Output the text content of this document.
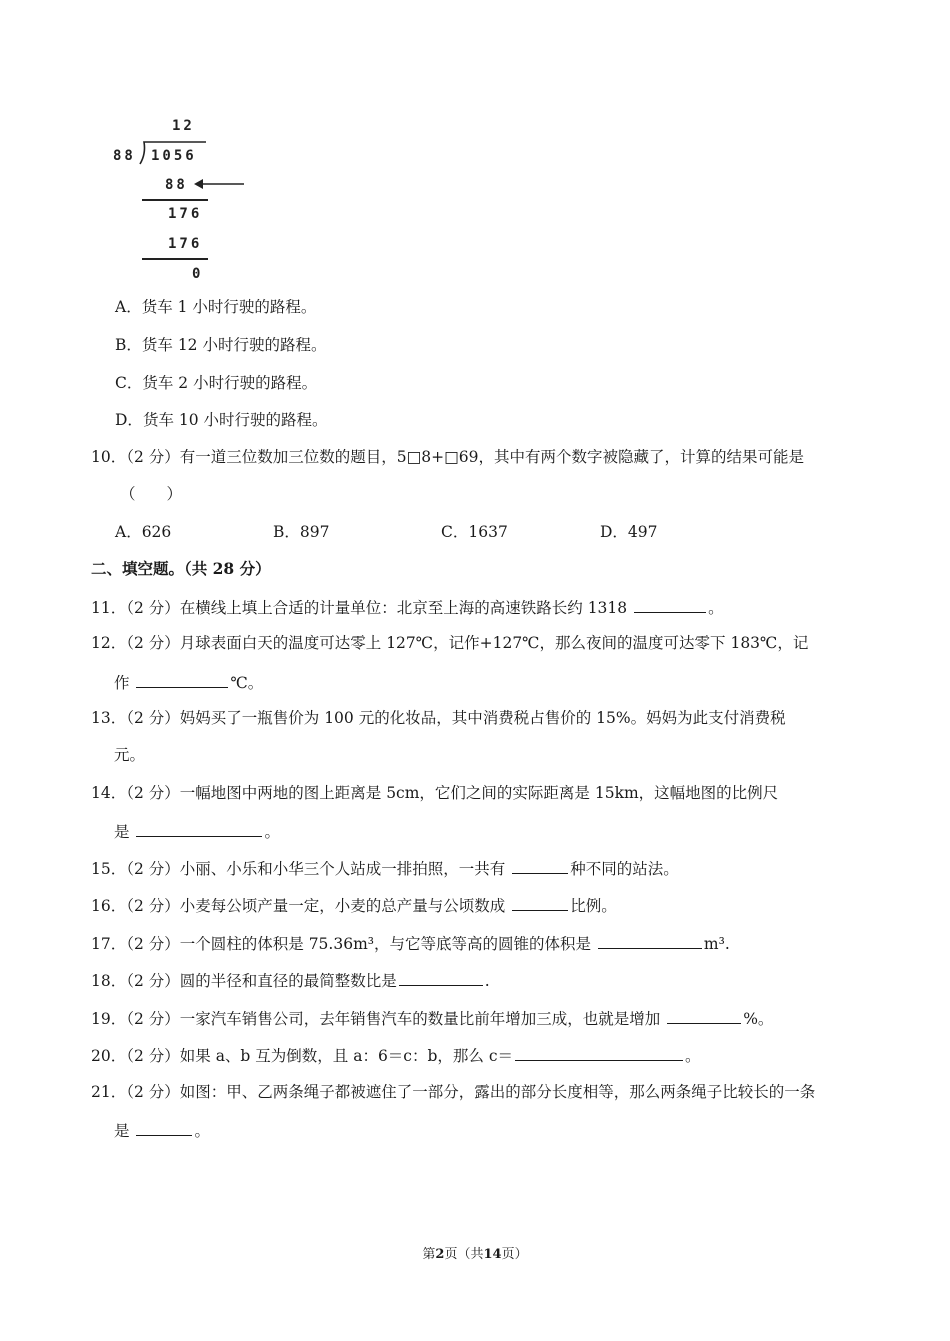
12
88 1056
88
176
176
0
A．货车 1 小时行驶的路程。
B．货车 12 小时行驶的路程。
C．货车 2 小时行驶的路程。
D．货车 10 小时行驶的路程。
10．（2 分）有一道三位数加三位数的题目，5□8+□69，其中有两个数字被隐藏了，计算的结果可能是
（　　）
A．626	B．897	C．1637	D．497
二、填空题。（共 28 分）
11．（2 分）在横线上填上合适的计量单位：北京至上海的高速铁路长约 1318	。
12．（2 分）月球表面白天的温度可达零上 127℃，记作+127℃，那么夜间的温度可达零下 183℃，记
作	℃。
13．（2 分）妈妈买了一瓶售价为 100 元的化妆品，其中消费税占售价的 15%。妈妈为此支付消费税
元。
14．（2 分）一幅地图中两地的图上距离是 5cm，它们之间的实际距离是 15km，这幅地图的比例尺
是	。
15．（2 分）小丽、小乐和小华三个人站成一排拍照，一共有	种不同的站法。
16．（2 分）小麦每公顷产量一定，小麦的总产量与公顷数成	比例。
17．（2 分）一个圆柱的体积是 75.36m³，与它等底等高的圆锥的体积是	m³.
18．（2 分）圆的半径和直径的最简整数比是	.
19．（2 分）一家汽车销售公司，去年销售汽车的数量比前年增加三成，也就是增加	%。
20．（2 分）如果 a、b 互为倒数，且 a：6＝c：b，那么 c＝	。
21．（2 分）如图：甲、乙两条绳子都被遮住了一部分，露出的部分长度相等，那么两条绳子比较长的一条
是	。
第2页（共14页）
